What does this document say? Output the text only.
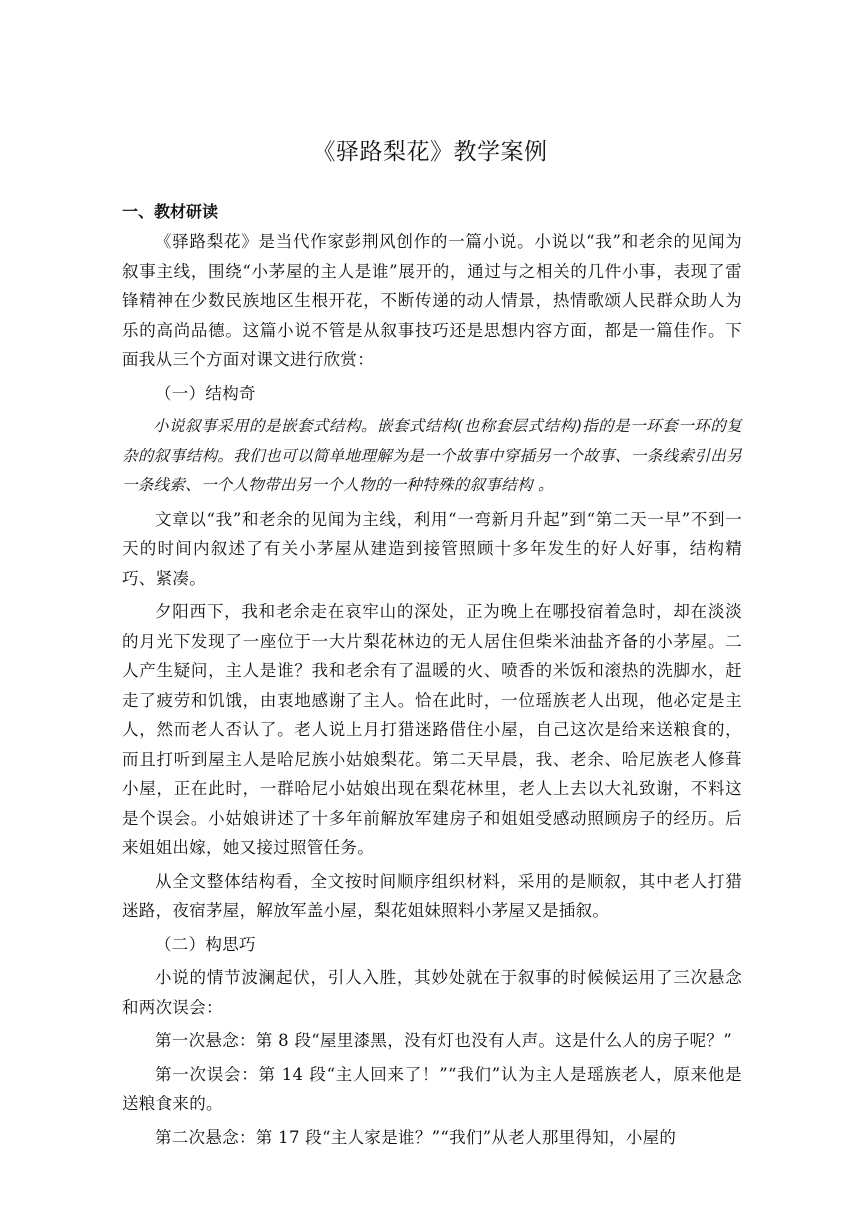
《驿路梨花》教学案例
一、教材研读

《驿路梨花》是当代作家彭荆风创作的一篇小说。小说以“我”和老余的见闻为叙事主线，围绕“小茅屋的主人是谁”展开的，通过与之相关的几件小事，表现了雷锋精神在少数民族地区生根开花，不断传递的动人情景，热情歌颂人民群众助人为乐的高尚品德。这篇小说不管是从叙事技巧还是思想内容方面，都是一篇佳作。下面我从三个方面对课文进行欣赏：

（一）结构奇

小说叙事采用的是嵌套式结构。嵌套式结构(也称套层式结构)指的是一环套一环的复杂的叙事结构。我们也可以简单地理解为是一个故事中穿插另一个故事、一条线索引出另一条线索、一个人物带出另一个人物的一种特殊的叙事结构 。

文章以“我”和老余的见闻为主线，利用“一弯新月升起”到“第二天一早”不到一天的时间内叙述了有关小茅屋从建造到接管照顾十多年发生的好人好事，结构精巧、紧凑。

夕阳西下，我和老余走在哀牢山的深处，正为晚上在哪投宿着急时，却在淡淡的月光下发现了一座位于一大片梨花林边的无人居住但柴米油盐齐备的小茅屋。二人产生疑问，主人是谁？我和老余有了温暖的火、喷香的米饭和滚热的洗脚水，赶走了疲劳和饥饿，由衷地感谢了主人。恰在此时，一位瑶族老人出现，他必定是主人，然而老人否认了。老人说上月打猎迷路借住小屋，自己这次是给来送粮食的，而且打听到屋主人是哈尼族小姑娘梨花。第二天早晨，我、老余、哈尼族老人修葺小屋，正在此时，一群哈尼小姑娘出现在梨花林里，老人上去以大礼致谢，不料这是个误会。小姑娘讲述了十多年前解放军建房子和姐姐受感动照顾房子的经历。后来姐姐出嫁，她又接过照管任务。

从全文整体结构看，全文按时间顺序组织材料，采用的是顺叙，其中老人打猎迷路，夜宿茅屋，解放军盖小屋，梨花姐妹照料小茅屋又是插叙。

（二）构思巧

小说的情节波澜起伏，引人入胜，其妙处就在于叙事的时候候运用了三次悬念和两次误会：

第一次悬念：第 8 段“屋里漆黑，没有灯也没有人声。这是什么人的房子呢？”

第一次误会：第 14 段“主人回来了！”“我们”认为主人是瑶族老人，原来他是送粮食来的。

第二次悬念：第 17 段“主人家是谁？”“我们”从老人那里得知，小屋的
